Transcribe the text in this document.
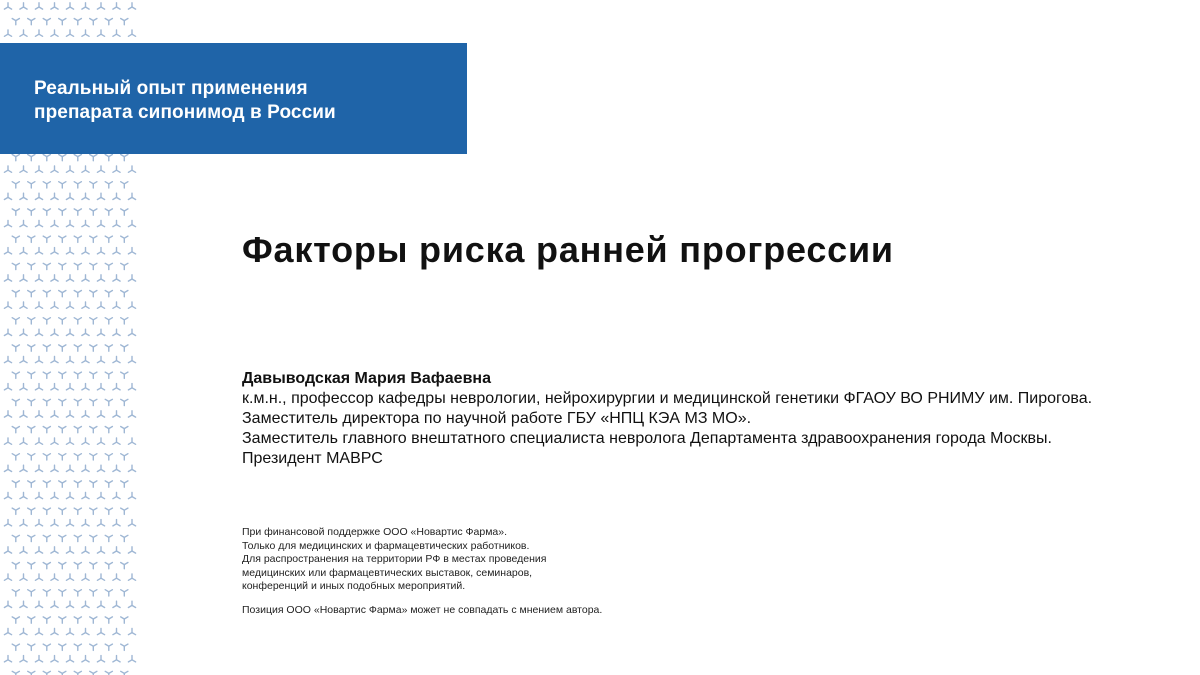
Реальный опыт применения
препарата сипонимод в России
Факторы риска ранней прогрессии
Давыводская Мария Вафаевна
к.м.н., профессор кафедры неврологии, нейрохирургии и медицинской генетики ФГАОУ ВО РНИМУ им. Пирогова.
Заместитель директора по научной работе ГБУ «НПЦ КЭА МЗ МО».
Заместитель главного внештатного специалиста невролога Департамента здравоохранения города Москвы.
Президент МАВРС
При финансовой поддержке ООО «Новартис Фарма».
Только для медицинских и фармацевтических работников.
Для распространения на территории РФ в местах проведения
медицинских или фармацевтических выставок, семинаров,
конференций и иных подобных мероприятий.
Позиция ООО «Новартис Фарма» может не совпадать с мнением автора.
